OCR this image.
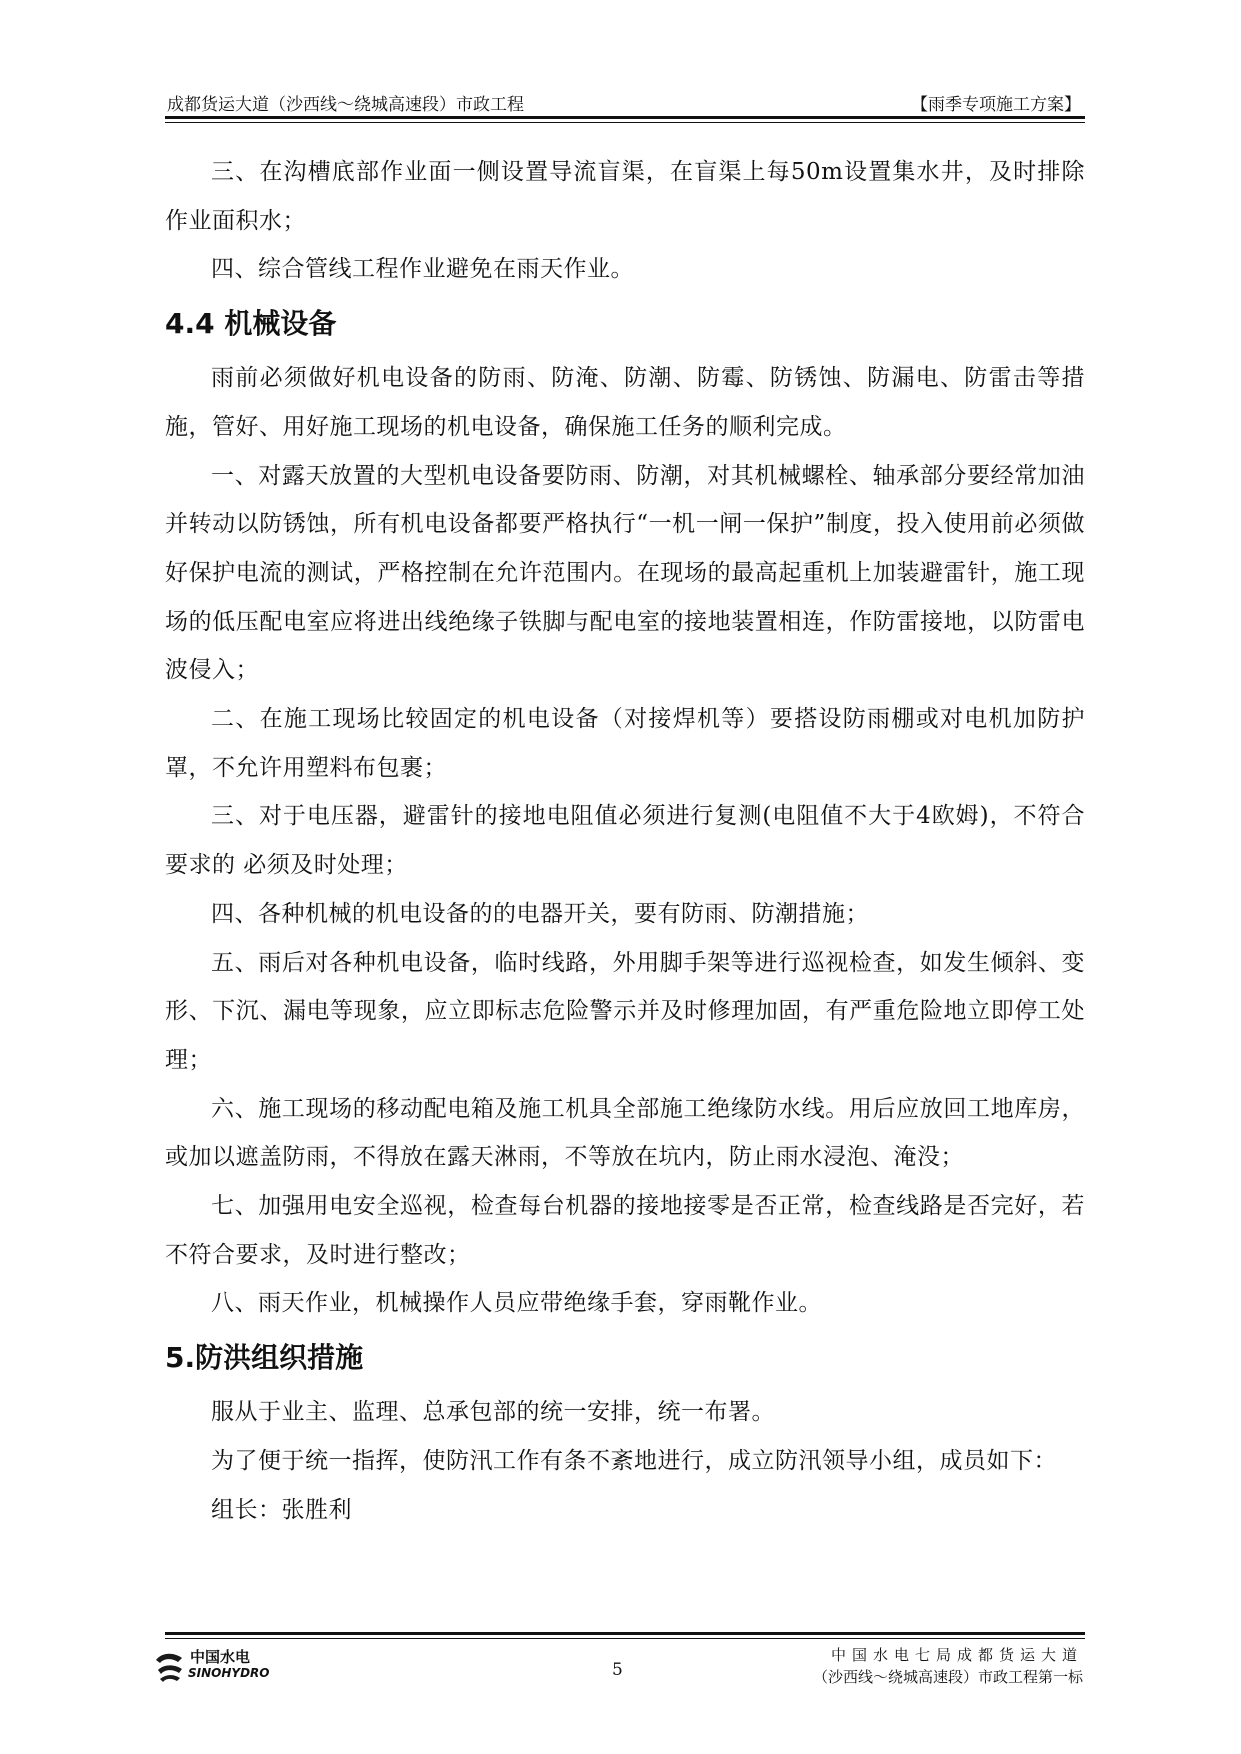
成都货运大道（沙西线～绕城高速段）市政工程	【雨季专项施工方案】

三、在沟槽底部作业面一侧设置导流盲渠，在盲渠上每50m设置集水井，及时排除作业面积水；

四、综合管线工程作业避免在雨天作业。

4.4 机械设备

雨前必须做好机电设备的防雨、防淹、防潮、防霉、防锈蚀、防漏电、防雷击等措施，管好、用好施工现场的机电设备，确保施工任务的顺利完成。

一、对露天放置的大型机电设备要防雨、防潮，对其机械螺栓、轴承部分要经常加油并转动以防锈蚀，所有机电设备都要严格执行“一机一闸一保护”制度，投入使用前必须做好保护电流的测试，严格控制在允许范围内。在现场的最高起重机上加装避雷针，施工现场的低压配电室应将进出线绝缘子铁脚与配电室的接地装置相连，作防雷接地，以防雷电波侵入；

二、在施工现场比较固定的机电设备（对接焊机等）要搭设防雨棚或对电机加防护罩，不允许用塑料布包裹；

三、对于电压器，避雷针的接地电阻值必须进行复测(电阻值不大于4欧姆)，不符合要求的 必须及时处理；

四、各种机械的机电设备的的电器开关，要有防雨、防潮措施；

五、雨后对各种机电设备，临时线路，外用脚手架等进行巡视检查，如发生倾斜、变形、下沉、漏电等现象，应立即标志危险警示并及时修理加固，有严重危险地立即停工处理；

六、施工现场的移动配电箱及施工机具全部施工绝缘防水线。用后应放回工地库房，或加以遮盖防雨，不得放在露天淋雨，不等放在坑内，防止雨水浸泡、淹没；

七、加强用电安全巡视，检查每台机器的接地接零是否正常，检查线路是否完好，若不符合要求，及时进行整改；

八、雨天作业，机械操作人员应带绝缘手套，穿雨靴作业。

5.防洪组织措施

服从于业主、监理、总承包部的统一安排，统一布署。

为了便于统一指挥，使防汛工作有条不紊地进行，成立防汛领导小组，成员如下：

组长：张胜利

中国水电
SINOHYDRO	5
中国水电七局成都货运大道
（沙西线～绕城高速段）市政工程第一标
